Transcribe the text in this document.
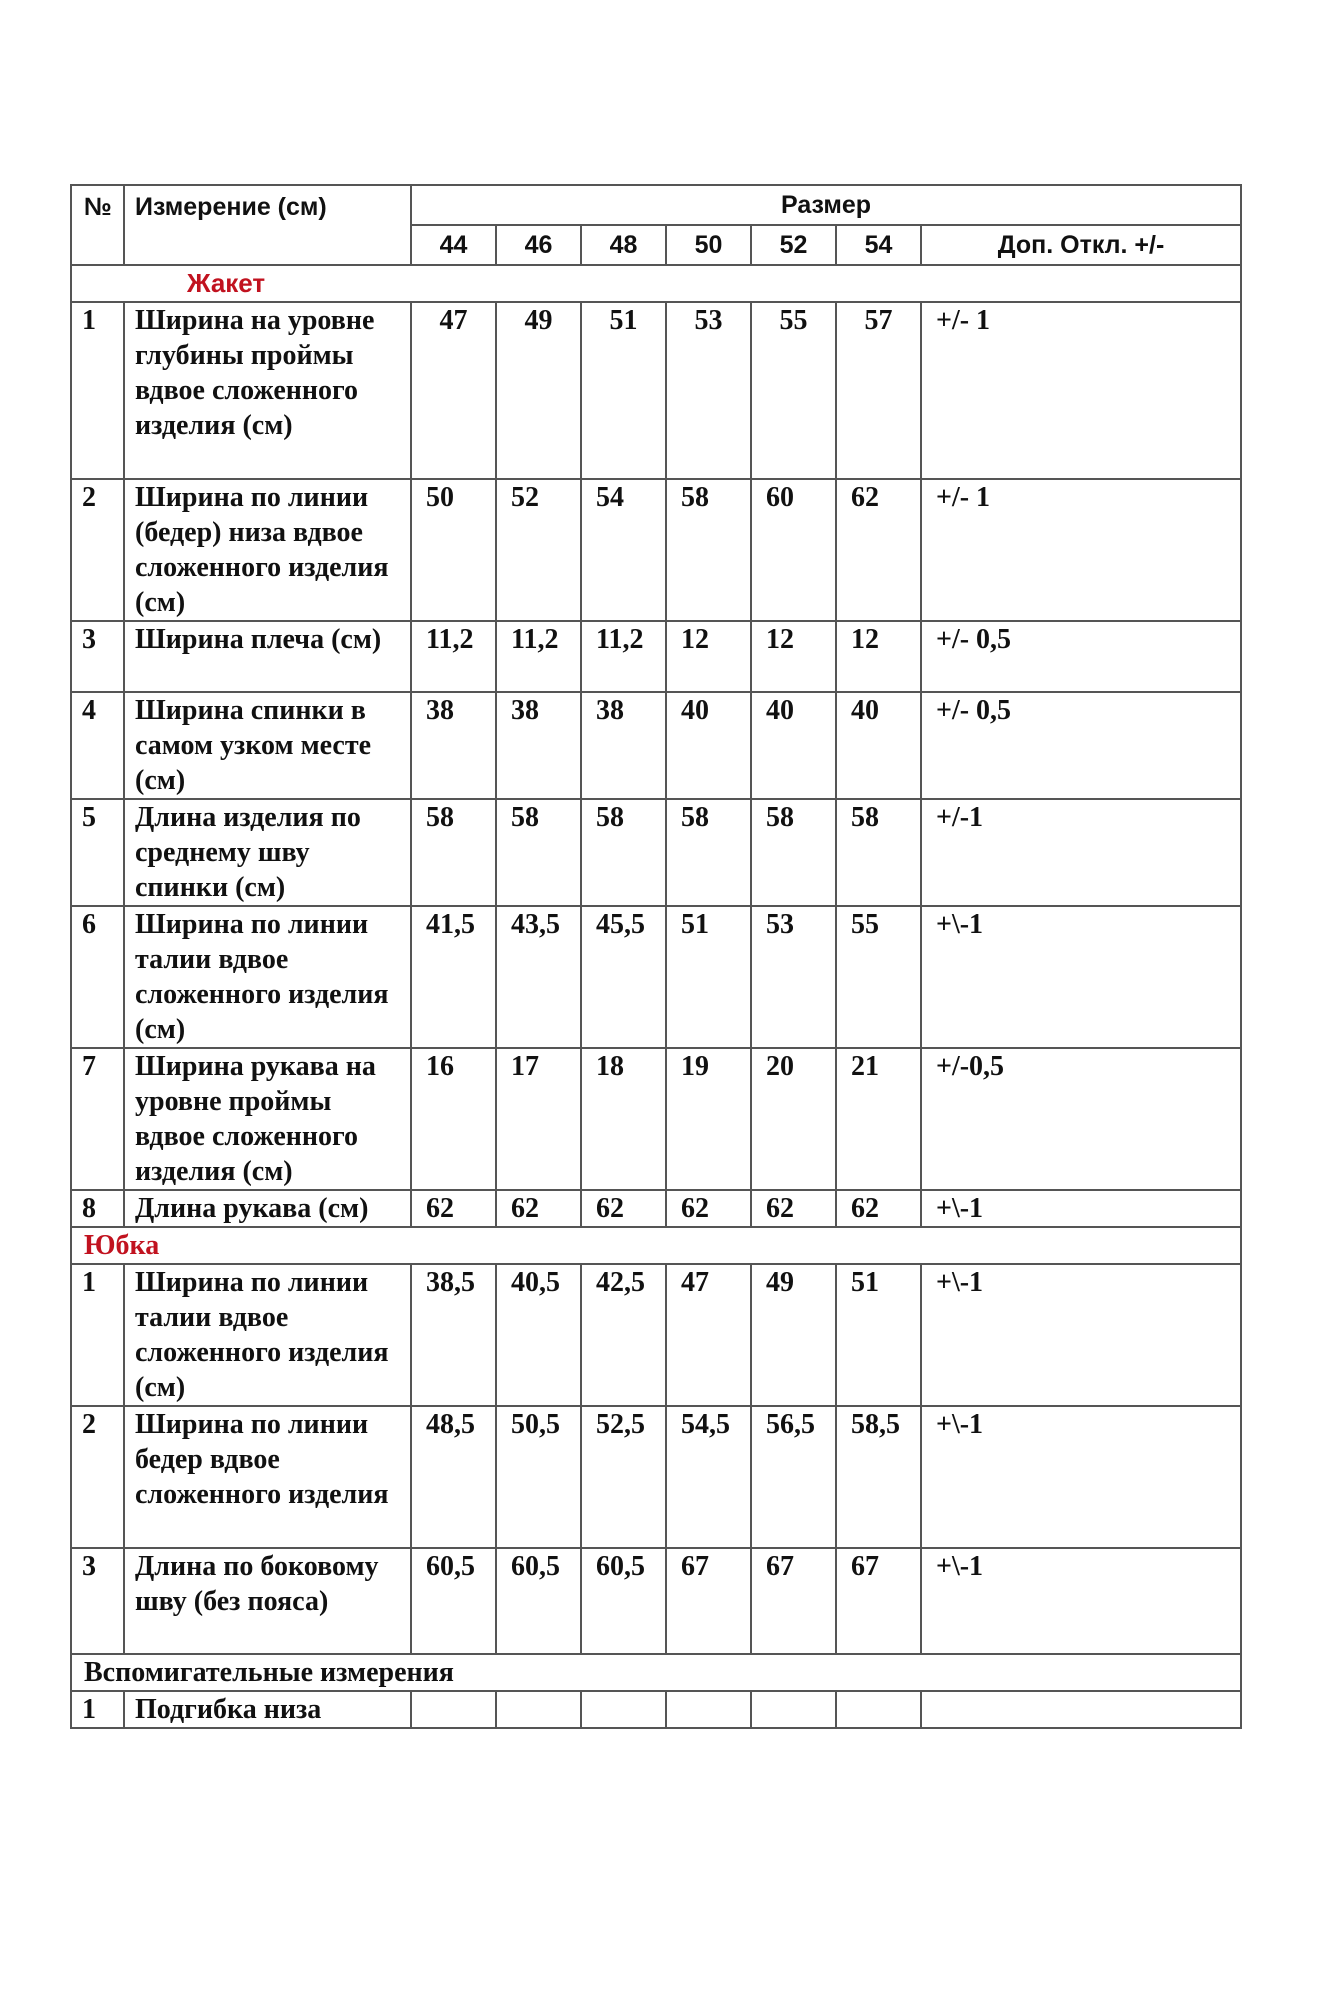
№	Измерение (см)	Размер
44	46	48	50	52	54	Доп. Откл. +/-
	Жакет
1	Ширина на уровне глубины проймы вдвое сложенного изделия (см)	47	49	51	53	55	57	+/- 1
2	Ширина по линии (бедер) низа вдвое сложенного изделия (см)	50	52	54	58	60	62	+/- 1
3	Ширина плеча (см)	11,2	11,2	11,2	12	12	12	+/- 0,5
4	Ширина спинки в самом узком месте (см)	38	38	38	40	40	40	+/- 0,5
5	Длина изделия по среднему шву спинки (см)	58	58	58	58	58	58	+/-1
6	Ширина по линии талии вдвое сложенного изделия (см)	41,5	43,5	45,5	51	53	55	+\-1
7	Ширина рукава на уровне проймы вдвое сложенного изделия (см)	16	17	18	19	20	21	+/-0,5
8	Длина рукава (см)	62	62	62	62	62	62	+\-1
Юбка
1	Ширина по линии талии вдвое сложенного изделия (см)	38,5	40,5	42,5	47	49	51	+\-1
2	Ширина по линии бедер вдвое сложенного изделия	48,5	50,5	52,5	54,5	56,5	58,5	+\-1
3	Длина по боковому шву (без пояса)	60,5	60,5	60,5	67	67	67	+\-1
Вспомигательные измерения
1	Подгибка низа							
